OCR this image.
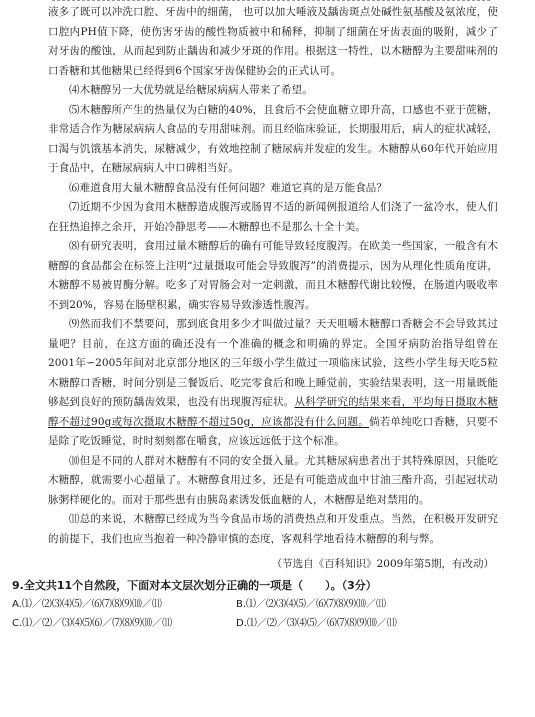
液多了既可以冲洗口腔、牙齿中的细菌， 也可以加大唾液及龋齿斑点处碱性氨基酸及氨浓度，使口腔内PH值下降，使伤害牙齿的酸性物质被中和稀释，抑制了细菌在牙齿表面的吸附，减少了对牙齿的酸蚀，从而起到防止龋齿和减少牙斑的作用。根据这一特性，以木糖醇为主要甜味剂的口香糖和其他糖果已经得到6个国家牙齿保健协会的正式认可。

⑷木糖醇另一大优势就是给糖尿病病人带来了希望。

⑸木糖醇所产生的热量仅为白糖的40%，且食后不会使血糖立即升高，口感也不亚于蔗糖，非常适合作为糖尿病病人食品的专用甜味剂。而且经临床验证，长期服用后，病人的症状减轻，口渴与饥饿基本消失，尿糖减少，有效地控制了糖尿病并发症的发生。木糖醇从60年代开始应用于食品中，在糖尿病病人中口碑相当好。

⑹难道食用大量木糖醇食品没有任何问题？难道它真的是万能食品？

⑺近期不少因为食用木糖醇造成腹泻或肠胃不适的新闻例报道给人们浇了一盆冷水，使人们在狂热追捧之余开，开始冷静思考——木糖醇也不是那么十全十美。

⑻有研究表明，食用过量木糖醇后的确有可能导致轻度腹泻。在欧美一些国家，一般含有木糖醇的食品都会在标签上注明“过量摄取可能会导致腹泻”的消费提示，因为从理化性质角度讲，木糖醇不易被胃酶分解。吃多了对胃肠会对一定刺激，而且木糖醇代谢比较慢，在肠道内吸收率不到20%，容易在肠壁积累，确实容易导致渗透性腹泻。

⑼然而我们不禁要问，那到底食用多少才叫做过量？天天咀嚼木糖醇口香糖会不会导致其过量吧？目前，在这方面的确还没有一个准确的概念和明确的界定。全国牙病防治指导组曾在2001年∽2005年间对北京部分地区的三年级小学生做过一项临床试验，这些小学生每天吃5粒木糖醇口香糖，时间分别是三餐饭后、吃完零食后和晚上睡觉前，实验结果表明，这一用量既能够起到良好的预防龋齿效果，也没有出现腹泻症状。从科学研究的结果来看，平均每日摄取木糖醇不超过90g或每次摄取木糖醇不超过50g，应该都没有什么问题。倘若单纯吃口香糖，只要不是除了吃饭睡觉，时时刻刻都在嚼食，应该远远低于这个标准。

⑽但是不同的人群对木糖醇有不同的安全摄入量。尤其糖尿病患者出于其特殊原因，只能吃木糖醇，就需要小心超量了。木糖醇食用过多，还是有可能造成血中甘油三酯升高，引起冠状动脉粥样硬化的。而对于那些患有由胰岛素诱发低血糖的人，木糖醇是绝对禁用的。

⑾总的来说，木糖醇已经成为当今食品市场的消费热点和开发重点。当然，在积极开发研究的前提下，我们也应当抱着一种冷静审慎的态度，客观科学地看待木糖醇的利与弊。

（节选自《百科知识》2009年第5期，有改动）

9.全文共11个自然段，下面对本文层次划分正确的一项是（　　）。（3分）

A.⑴／⑵⑶⑷⑸／⑹⑺⑻⑼⑽／⑾	B.⑴／⑵⑶⑷⑸／⑹⑺⑻⑼⑽／⑾
C.⑴／⑵／⑶⑷⑸⑹／⑺⑻⑼⑽／⑾	D.⑴／⑵／⑶⑷⑸／⑹⑺⑻⑼⑽／⑾
